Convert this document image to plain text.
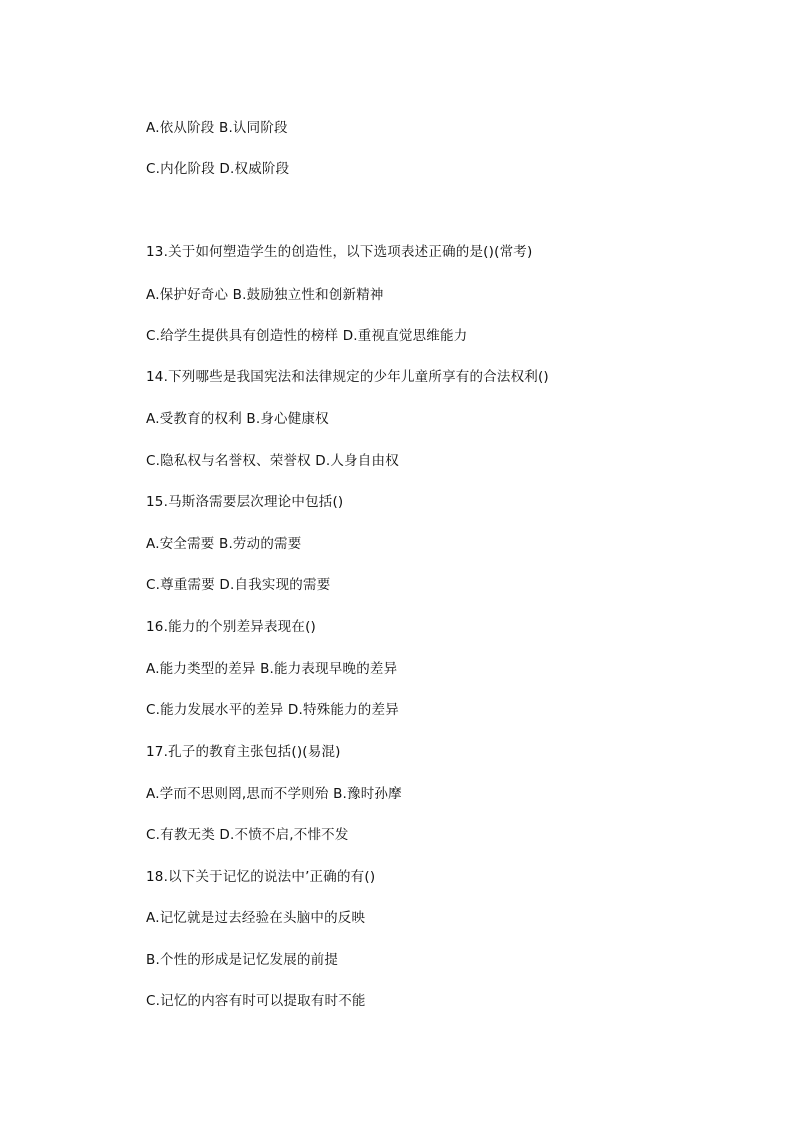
A.依从阶段 B.认同阶段
C.内化阶段 D.权威阶段
13.关于如何塑造学生的创造性，以下选项表述正确的是()(常考)
A.保护好奇心 B.鼓励独立性和创新精神
C.给学生提供具有创造性的榜样 D.重视直觉思维能力
14.下列哪些是我国宪法和法律规定的少年儿童所享有的合法权利()
A.受教育的权利 B.身心健康权
C.隐私权与名誉权、荣誉权 D.人身自由权
15.马斯洛需要层次理论中包括()
A.安全需要 B.劳动的需要
C.尊重需要 D.自我实现的需要
16.能力的个别差异表现在()
A.能力类型的差异 B.能力表现早晚的差异
C.能力发展水平的差异 D.特殊能力的差异
17.孔子的教育主张包括()(易混)
A.学而不思则罔,思而不学则殆 B.豫时孙摩
C.有教无类 D.不愤不启,不悱不发
18.以下关于记忆的说法中’正确的有()
A.记忆就是过去经验在头脑中的反映
B.个性的形成是记忆发展的前提
C.记忆的内容有时可以提取有时不能
